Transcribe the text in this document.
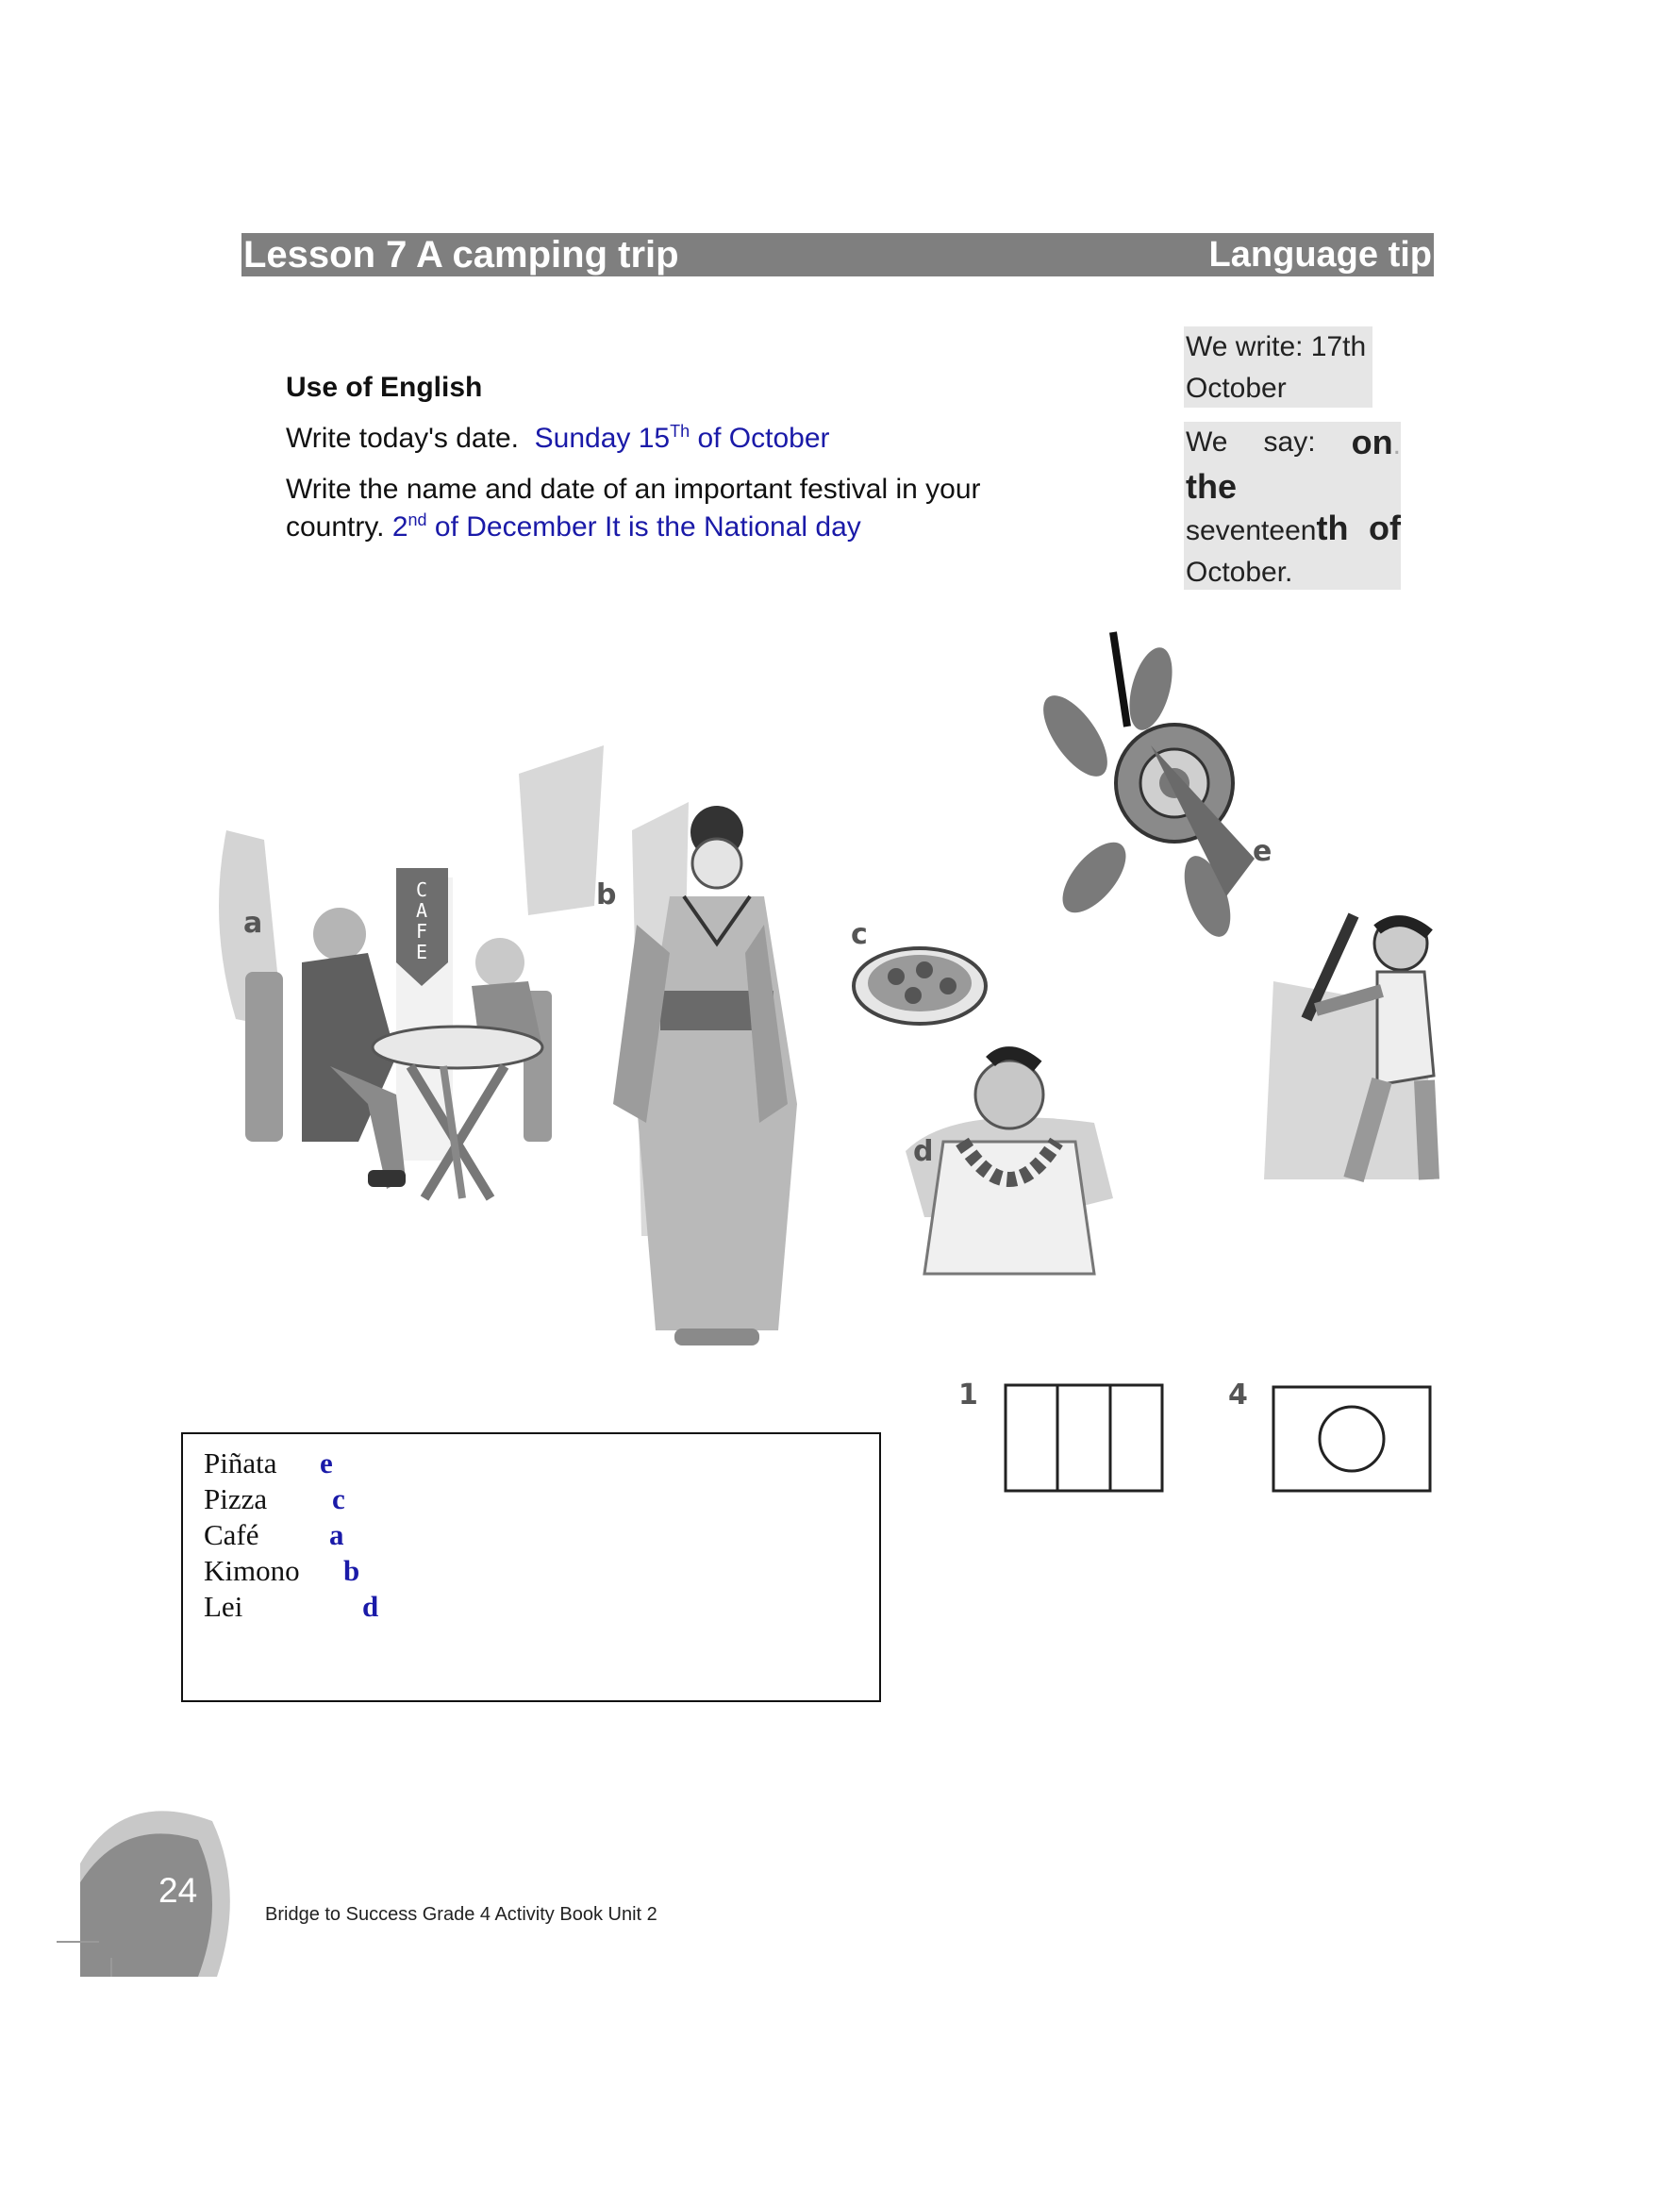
Lesson 7 A camping trip	Language tip
Use of English
Write today's date. Sunday 15Th of October
Write the name and date of an important festival in your country. 2nd of December It is the National day
We write: 17th
October
We say: on.
the
seventeenth of
October.
C
A
F
E
a
b
c
d
e
1	4
Piñata e
Pizza c
Café a
Kimono b
Lei	d
24
Bridge to Success Grade 4 Activity Book Unit 2
